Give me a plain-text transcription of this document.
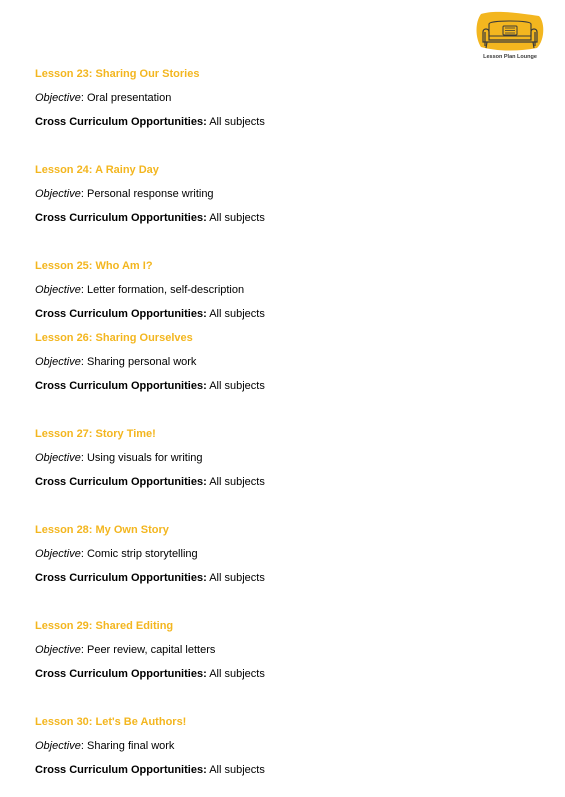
Lesson Plan Lounge
Lesson 23: Sharing Our Stories
Objective: Oral presentation
Cross Curriculum Opportunities: All subjects
Lesson 24: A Rainy Day
Objective: Personal response writing
Cross Curriculum Opportunities: All subjects
Lesson 25: Who Am I?
Objective: Letter formation, self-description
Cross Curriculum Opportunities: All subjects
Lesson 26: Sharing Ourselves
Objective: Sharing personal work
Cross Curriculum Opportunities: All subjects
Lesson 27: Story Time!
Objective: Using visuals for writing
Cross Curriculum Opportunities: All subjects
Lesson 28: My Own Story
Objective: Comic strip storytelling
Cross Curriculum Opportunities: All subjects
Lesson 29: Shared Editing
Objective: Peer review, capital letters
Cross Curriculum Opportunities: All subjects
Lesson 30: Let's Be Authors!
Objective: Sharing final work
Cross Curriculum Opportunities: All subjects
